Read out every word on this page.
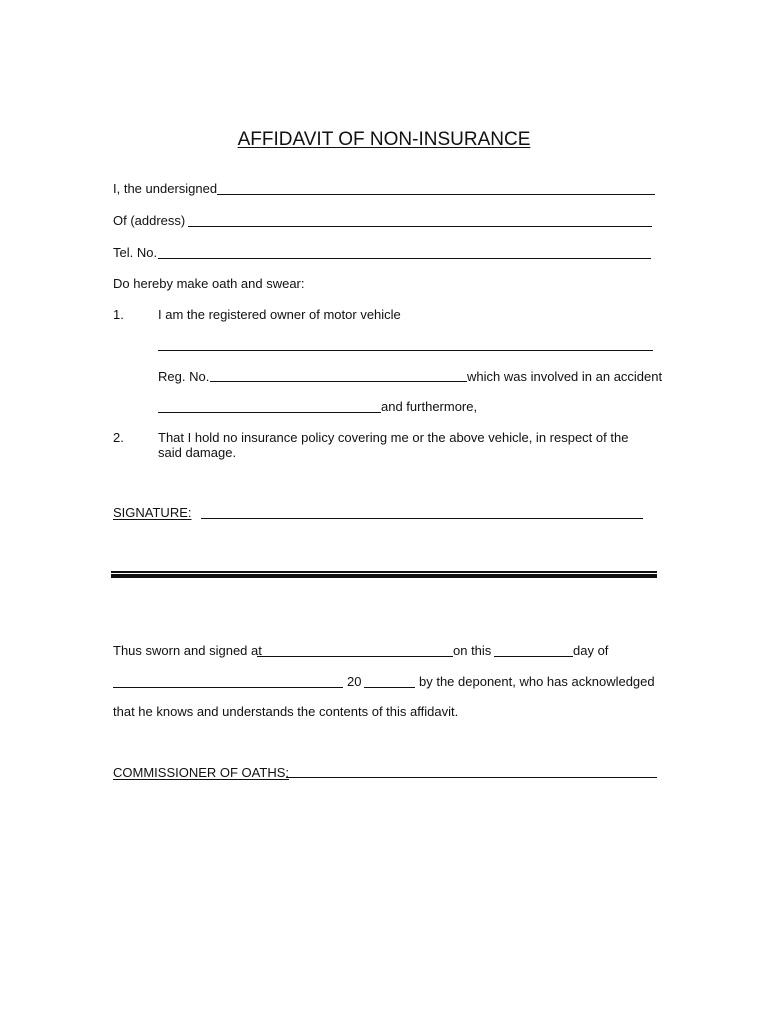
AFFIDAVIT OF NON-INSURANCE
I, the undersigned
Of (address)
Tel. No.
Do hereby make oath and swear:
1.	I am the registered owner of motor vehicle
Reg. No.	which was involved in an accident
and furthermore,
2.	That I hold no insurance policy covering me or the above vehicle, in respect of the said damage.
SIGNATURE:
Thus sworn and signed at	on this	day of
20	by the deponent, who has acknowledged
that he knows and understands the contents of this affidavit.
COMMISSIONER OF OATHS:
